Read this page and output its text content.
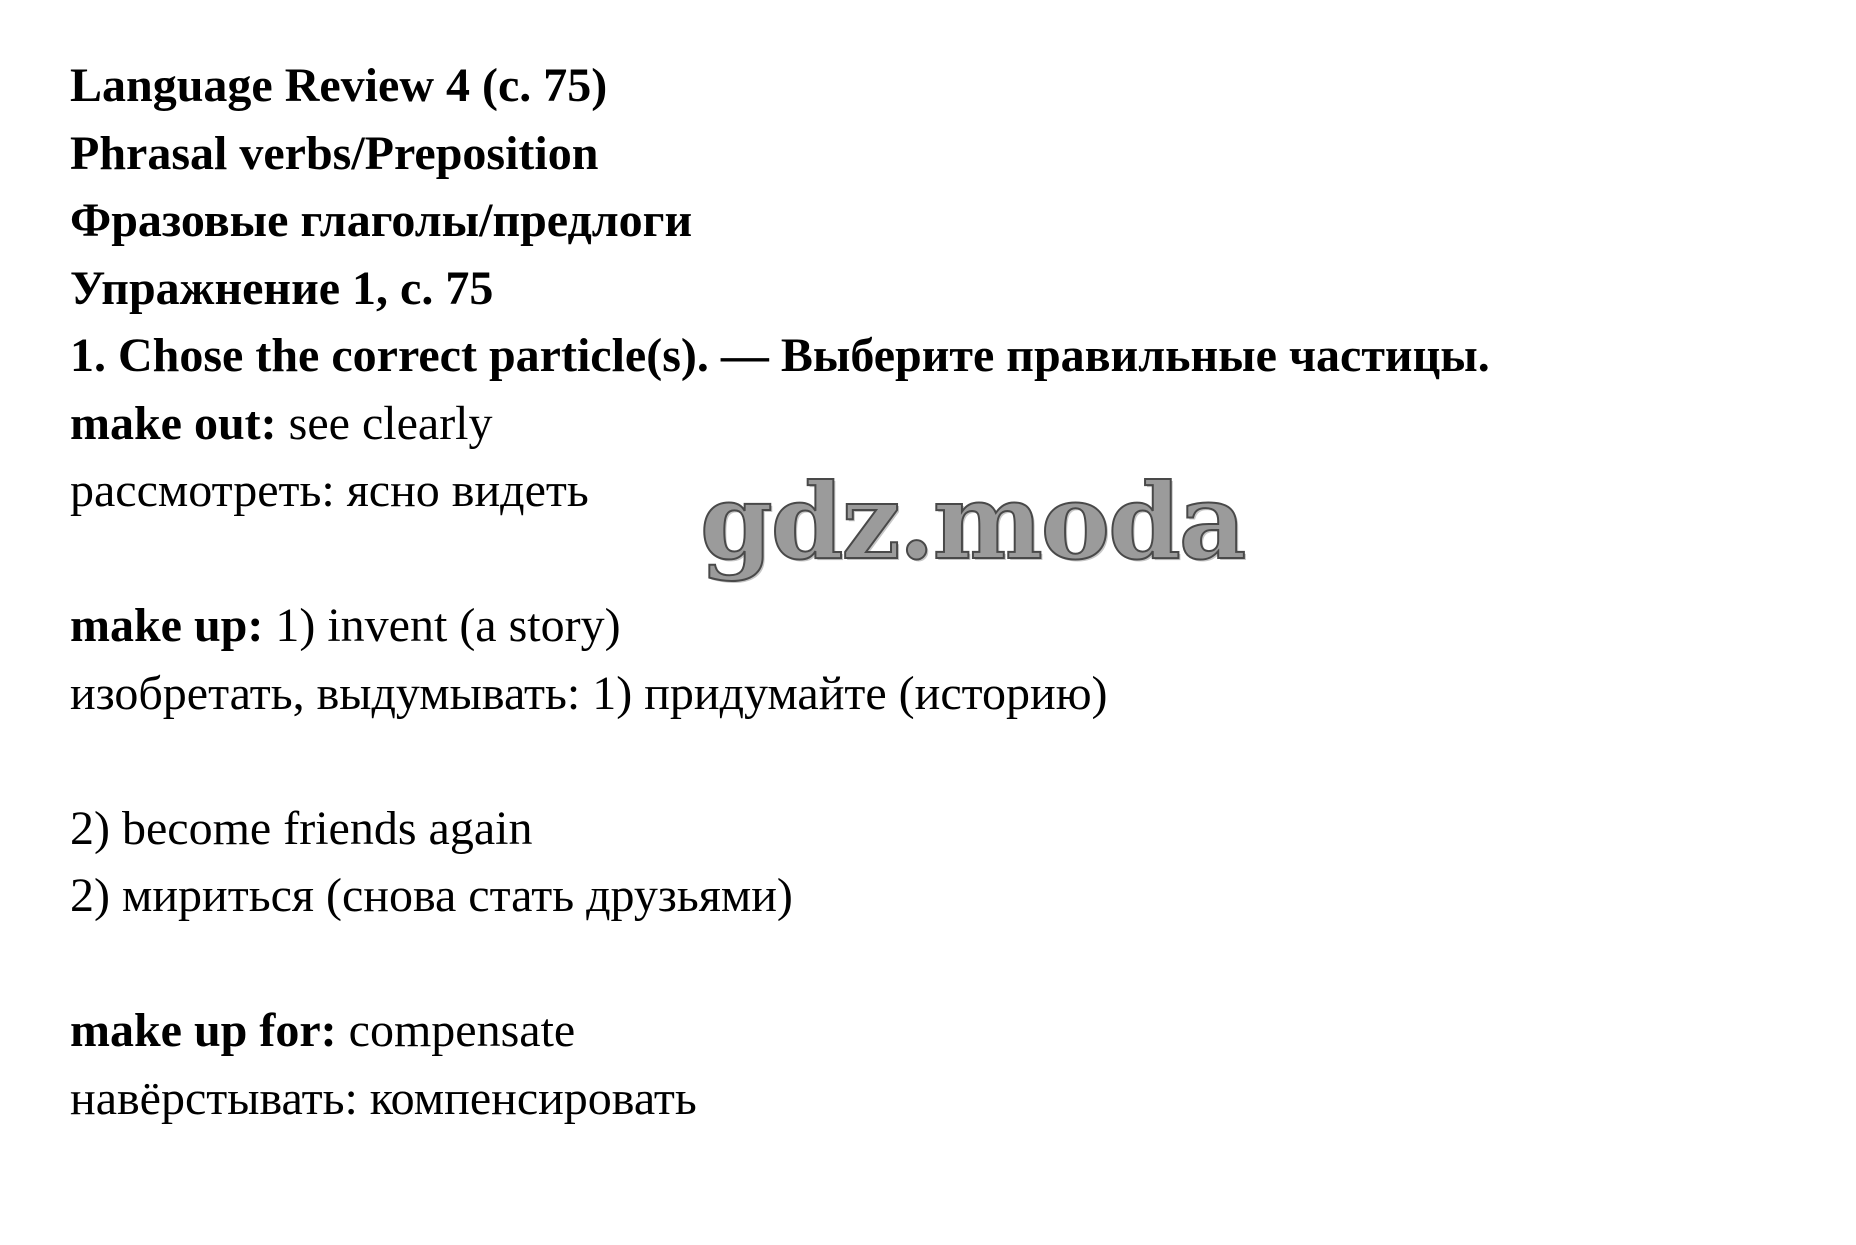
Language Review 4 (с. 75)
Phrasal verbs/Preposition
Фразовые глаголы/предлоги
Упражнение 1, с. 75
1. Chose the correct particle(s). — Выберите правильные частицы.
make out: see clearly
рассмотреть: ясно видеть
make up: 1) invent (a story)
изобретать, выдумывать: 1) придумайте (историю)
2) become friends again
2) мириться (снова стать друзьями)
make up for: compensate
навёрстывать: компенсировать
gdz.moda
